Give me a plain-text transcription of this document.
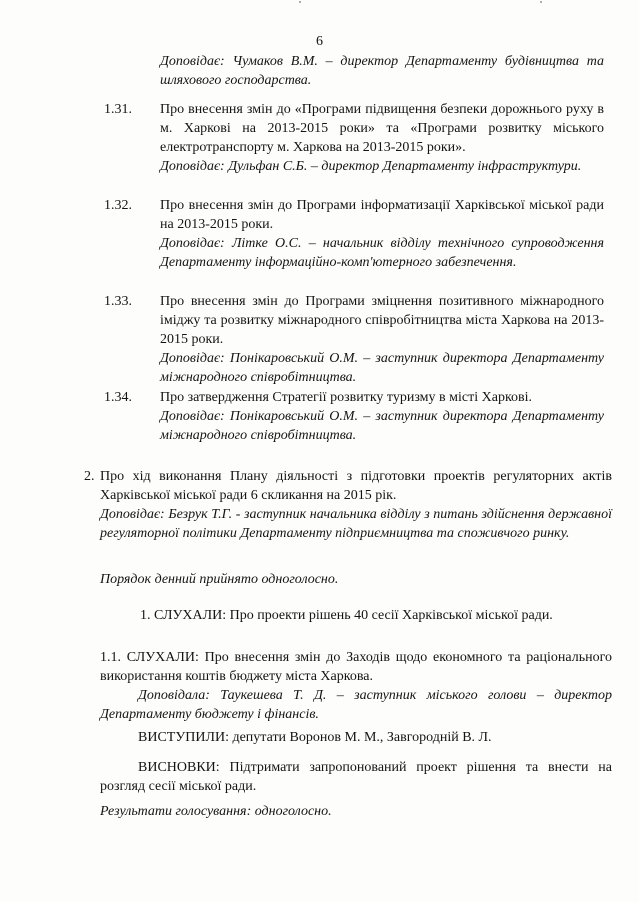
6

Доповідає: Чумаков В.М. – директор Департаменту будівництва та шляхового господарства.

1.31. Про внесення змін до «Програми підвищення безпеки дорожнього руху в м. Харкові на 2013-2015 роки» та «Програми розвитку міського електротранспорту м. Харкова на 2013-2015 роки».

Доповідає: Дульфан С.Б. – директор Департаменту інфраструктури.

1.32. Про внесення змін до Програми інформатизації Харківської міської ради на 2013-2015 роки.

Доповідає: Літке О.С. – начальник відділу технічного супроводження Департаменту інформаційно-комп'ютерного забезпечення.

1.33. Про внесення змін до Програми зміцнення позитивного міжнародного іміджу та розвитку міжнародного співробітництва міста Харкова на 2013-2015 роки.

Доповідає: Понікаровський О.М. – заступник директора Департаменту міжнародного співробітництва.

1.34. Про затвердження Стратегії розвитку туризму в місті Харкові.

Доповідає: Понікаровський О.М. – заступник директора Департаменту міжнародного співробітництва.

2. Про хід виконання Плану діяльності з підготовки проектів регуляторних актів Харківської міської ради 6 скликання на 2015 рік.

Доповідає: Безрук Т.Г. - заступник начальника відділу з питань здійснення державної регуляторної політики Департаменту підприємництва та споживчого ринку.

Порядок денний прийнято одноголосно.

1. СЛУХАЛИ: Про проекти рішень 40 сесії Харківської міської ради.

1.1. СЛУХАЛИ: Про внесення змін до Заходів щодо економного та раціонального використання коштів бюджету міста Харкова.

Доповідала: Таукешева Т. Д. – заступник міського голови – директор Департаменту бюджету і фінансів.

ВИСТУПИЛИ: депутати Воронов М. М., Завгородній В. Л.
ВИСНОВКИ: Підтримати запропонований проект рішення та внести на розгляд сесії міської ради.

Результати голосування: одноголосно.
